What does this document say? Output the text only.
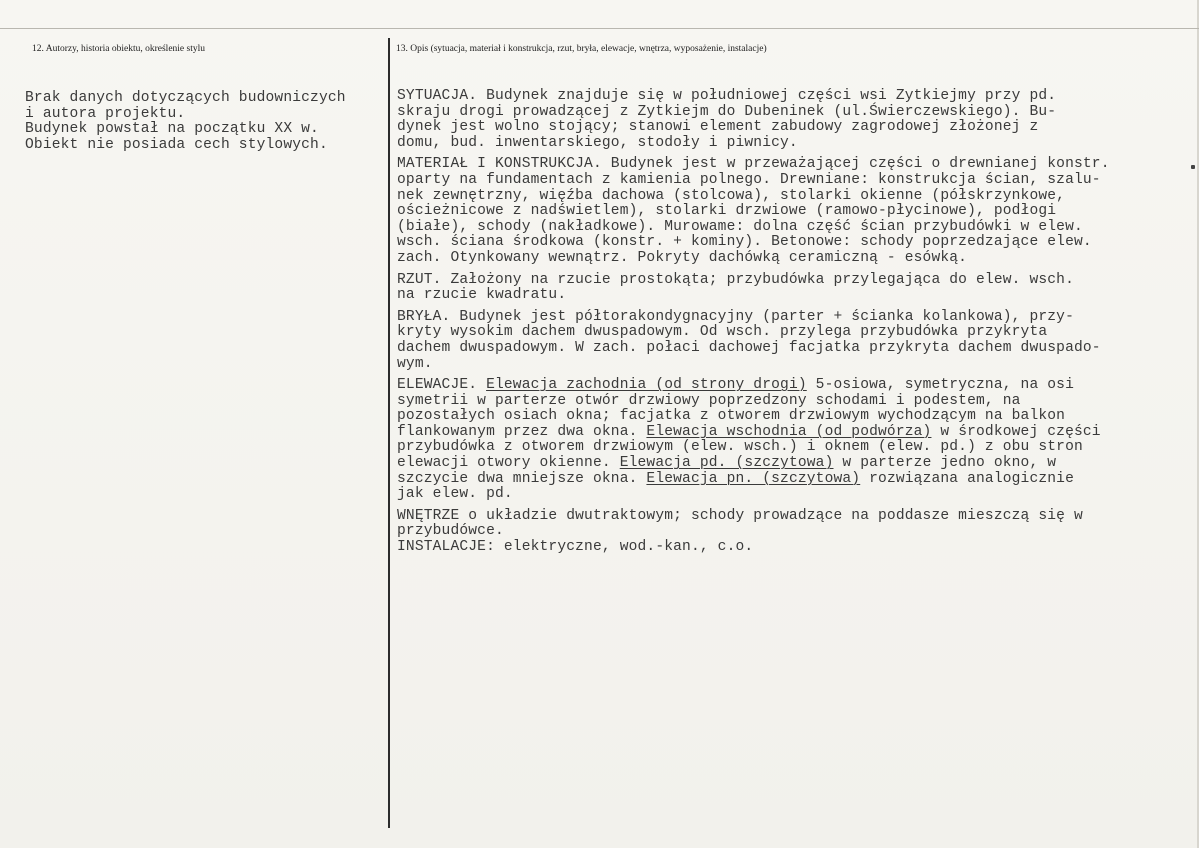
12. Autorzy, historia obiektu, określenie stylu	13. Opis (sytuacja, materiał i konstrukcja, rzut, bryła, elewacje, wnętrza, wyposażenie, instalacje)
Brak danych dotyczących budowniczych
i autora projektu.
Budynek powstał na początku XX w.
Obiekt nie posiada cech stylowych.
SYTUACJA. Budynek znajduje się w południowej części wsi Zytkiejmy przy pd.
skraju drogi prowadzącej z Zytkiejm do Dubeninek (ul.Świerczewskiego). Bu-
dynek jest wolno stojący; stanowi element zabudowy zagrodowej złożonej z
domu, bud. inwentarskiego, stodoły i piwnicy.
MATERIAŁ I KONSTRUKCJA. Budynek jest w przeważającej części o drewnianej konstr.
oparty na fundamentach z kamienia polnego. Drewniane: konstrukcja ścian, szalu-
nek zewnętrzny, więźba dachowa (stolcowa), stolarki okienne (półskrzynkowe,
ościeżnicowe z nadświetlem), stolarki drzwiowe (ramowo-płycinowe), podłogi
(białe), schody (nakładkowe). Murowame: dolna część ścian przybudówki w elew.
wsch. ściana środkowa (konstr. + kominy). Betonowe: schody poprzedzające elew.
zach. Otynkowany wewnątrz. Pokryty dachówką ceramiczną - esówką.
RZUT. Założony na rzucie prostokąta; przybudówka przylegająca do elew. wsch.
na rzucie kwadratu.
BRYŁA. Budynek jest półtorakondygnacyjny (parter + ścianka kolankowa), przy-
kryty wysokim dachem dwuspadowym. Od wsch. przylega przybudówka przykryta
dachem dwuspadowym. W zach. połaci dachowej facjatka przykryta dachem dwuspado-
wym.
ELEWACJE. Elewacja zachodnia (od strony drogi) 5-osiowa, symetryczna, na osi
symetrii w parterze otwór drzwiowy poprzedzony schodami i podestem, na
pozostałych osiach okna; facjatka z otworem drzwiowym wychodzącym na balkon
flankowanym przez dwa okna. Elewacja wschodnia (od podwórza) w środkowej części
przybudówka z otworem drzwiowym (elew. wsch.) i oknem (elew. pd.) z obu stron
elewacji otwory okienne. Elewacja pd. (szczytowa) w parterze jedno okno, w
szczycie dwa mniejsze okna. Elewacja pn. (szczytowa) rozwiązana analogicznie
jak elew. pd.
WNĘTRZE o układzie dwutraktowym; schody prowadzące na poddasze mieszczą się w
przybudówce.
INSTALACJE: elektryczne, wod.-kan., c.o.
